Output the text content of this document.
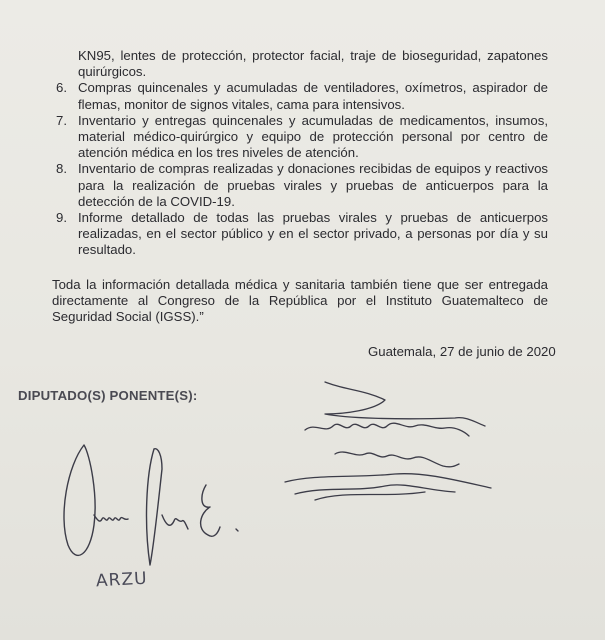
KN95, lentes de protección, protector facial, traje de bioseguridad, zapatones quirúrgicos.

6. Compras quincenales y acumuladas de ventiladores, oxímetros, aspirador de flemas, monitor de signos vitales, cama para intensivos.
7. Inventario y entregas quincenales y acumuladas de medicamentos, insumos, material médico-quirúrgico y equipo de protección personal por centro de atención médica en los tres niveles de atención.
8. Inventario de compras realizadas y donaciones recibidas de equipos y reactivos para la realización de pruebas virales y pruebas de anticuerpos para la detección de la COVID-19.
9. Informe detallado de todas las pruebas virales y pruebas de anticuerpos realizadas, en el sector público y en el sector privado, a personas por día y su resultado.

Toda la información detallada médica y sanitaria también tiene que ser entregada directamente al Congreso de la República por el Instituto Guatemalteco de Seguridad Social (IGSS).”

Guatemala, 27 de junio de 2020
DIPUTADO(S) PONENTE(S):
ARZU
